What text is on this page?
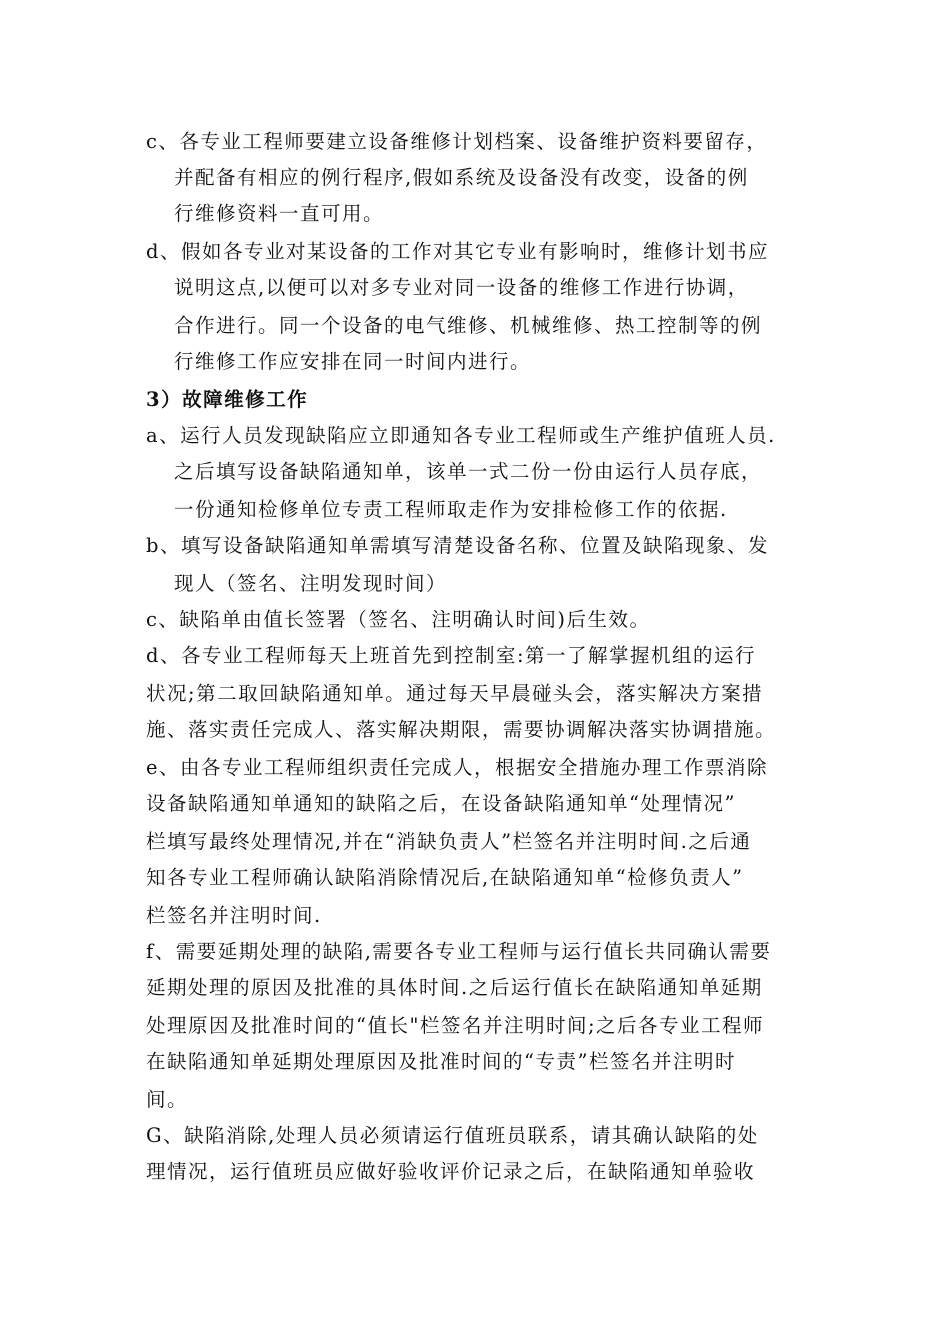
c、各专业工程师要建立设备维修计划档案、设备维护资料要留存，
并配备有相应的例行程序,假如系统及设备没有改变，设备的例
行维修资料一直可用。
d、假如各专业对某设备的工作对其它专业有影响时，维修计划书应
说明这点,以便可以对多专业对同一设备的维修工作进行协调，
合作进行。同一个设备的电气维修、机械维修、热工控制等的例
行维修工作应安排在同一时间内进行。
3）故障维修工作
a、运行人员发现缺陷应立即通知各专业工程师或生产维护值班人员.
之后填写设备缺陷通知单，该单一式二份一份由运行人员存底，
一份通知检修单位专责工程师取走作为安排检修工作的依据.
b、填写设备缺陷通知单需填写清楚设备名称、位置及缺陷现象、发
现人（签名、注明发现时间）
c、缺陷单由值长签署（签名、注明确认时间)后生效。
d、各专业工程师每天上班首先到控制室:第一了解掌握机组的运行
状况;第二取回缺陷通知单。通过每天早晨碰头会，落实解决方案措
施、落实责任完成人、落实解决期限，需要协调解决落实协调措施。
e、由各专业工程师组织责任完成人，根据安全措施办理工作票消除
设备缺陷通知单通知的缺陷之后，在设备缺陷通知单“处理情况”
栏填写最终处理情况,并在“消缺负责人”栏签名并注明时间.之后通
知各专业工程师确认缺陷消除情况后,在缺陷通知单“检修负责人”
栏签名并注明时间.
f、需要延期处理的缺陷,需要各专业工程师与运行值长共同确认需要
延期处理的原因及批准的具体时间.之后运行值长在缺陷通知单延期
处理原因及批准时间的“值长"栏签名并注明时间;之后各专业工程师
在缺陷通知单延期处理原因及批准时间的“专责”栏签名并注明时
间。
G、缺陷消除,处理人员必须请运行值班员联系，请其确认缺陷的处
理情况，运行值班员应做好验收评价记录之后，在缺陷通知单验收
